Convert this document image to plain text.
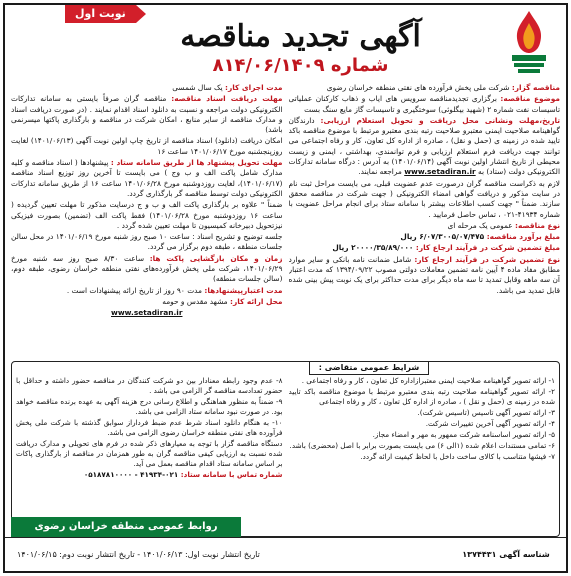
نوبت اول
آگهی تجدید مناقصه
شماره ۸۱۴/۰۶/۱۴۰۹

مناقصه گزار: شرکت ملی پخش فرآورده های نفتی منطقه خراسان رضوی

موضوع مناقصه: برگزاری تجدیدمناقصه سرویس های ایاب و ذهاب کارکنان عملیاتی تاسیسات نفت شماره ۲ (شهید بیگلوئی) سوختگیری و تاسیسات گاز مایع سنگ بست

تاریخ،مهلت ونشانی محل دریافت و تحویل استعلام ارزیابی: دارندگان گواهینامه صلاحیت ایمنی معتبرو صلاحیت رتبه بندی معتبرو مرتبط با موضوع مناقصه باکد تایید شده در زمینه ی (حمل و نقل) ، صادره از اداره کل تعاون، کار و رفاه اجتماعی می توانند جهت دریافت فرم استعلام ارزیابی و فرم توانمندی، بهداشتی ، ایمنی و زیست محیطی از تاریخ انتشار اولین نوبت آگهی (۱۴۰۱/۰۶/۱۴) به آدرس : درگاه سامانه تدارکات الکترونیکی دولت (ستاد) به www.setadiran.ir مراجعه نمایند.

لازم به ذکراست مناقصه گران درصورت عدم عضویت قبلی، می بایست مراحل ثبت نام در سایت مذکور و دریافت گواهی امضاء الکترونیکی ( جهت شرکت در مناقصه محقق سازند. ضمناً " جهت کسب اطلاعات بیشتر با سامانه ستاد برای انجام مراحل عضویت با شماره ۴۱۹۳۴-۰۲۱ ، تماس حاصل فرمایید .

نوع مناقصه: عمومی یک مرحله ای

مبلغ برآورد مناقصه: ۶/۰۷/۳۰۰۵/۰۷/۴۷۵ ریال

مبلغ تضمین شرکت در فرآیند ارجاع کار: ۲۰۰۰۰/۳۵/۸۹/۰۰۰ ریال

نوع تضمین شرکت در فرآیند ارجاع کار: شامل ضمانت نامه بانکی و سایر موارد مطابق مفاد ماده ۴ آیین نامه تضمین معاملات دولتی مصوب ۱۳۹۴/۰۹/۲۲ که مدت اعتبار آن سه ماهه وقابل تمدید تا سه ماه دیگر برای مدت حداکثر برای یک نوبت پیش بینی شده قابل تمدید می باشد.

مدت اجرای کار: یک سال شمسی

مهلت دریافت اسناد مناقصه: مناقصه گران صرفاً بایستی به سامانه تدارکات الکترونیکی دولت مراجعه و نسبت به دانلود اسناد اقدام نمایند . (در صورت دریافت اسناد و مدارک مناقصه از سایر منابع ، امکان شرکت در مناقصه و بارگذاری پاکتها میسرنمی باشد)

امکان دریافت (دانلود) اسناد مناقصه از تاریخ چاپ اولین نوبت آگهی (۱۴۰۱/۰۶/۱۳) لغایت روزپنجشنبه مورخ ۱۴۰۱/۰۶/۱۷ ساعت ۱۶

مهلت تحویل پیشنهاد ها از طریق سامانه ستاد : پیشنهادها ( اسناد مناقصه و کلیه مدارک شامل پاکت الف و ب وج ) می بایست تا آخرین روز توزیع اسناد مناقصه (۱۴۰۱/۰۶/۱۷)، لغایت روزدوشنبه مورخ ۱۴۰۱/۰۶/۲۸ ساعت ۱۶ از طریق سامانه تدارکات الکترونیکی دولت توسط مناقصه گر بارگذاری گردد.

ضمناً " علاوه بر بارگذاری پاکت الف و ب و ج درسایت مذکور تا مهلت تعیین گردیده ( ساعت ۱۶ روزدوشنبه مورخ ۱۴۰۱/۰۶/۲۸) فقط پاکت الف (تضمین) بصورت فیزیکی نیزتحویل دبیرخانه کمیسیون تا مهلت تعیین شده گردد .

جلسه توضیح و تشریح اسناد : ساعت ۱۰ صبح روز شنبه مورخ ۱۴۰۱/۰۶/۱۹ در محل سالن جلسات منطقه ، طبقه دوم برگزار می گردد.

زمان و مکان بازگشایی پاکت ها: ساعت ۸/۳۰ صبح روز سه شنبه مورخ ۱۴۰۱/۰۶/۲۹، شرکت ملی پخش فرآورده‌های نفتی منطقه خراسان رضوی، طبقه دوم، (سالن جلسات منطقه)

مدت اعتبارپیشنهادها: مدت ۹۰ روز از تاریخ ارائه پیشنهادات است .

محل ارائه کار: مشهد مقدس و حومه

www.setadiran.ir

شرایط عمومی متقاضی :

۱- ارائه تصویر گواهینامه صلاحیت ایمنی معتبرازاداره کل تعاون ، کار و رفاه اجتماعی .

۲- ارائه تصویر گواهینامه صلاحیت رتبه بندی معتبرو مرتبط با موضوع مناقصه باکد تایید شده در زمینه ی (حمل و نقل ) ، صادره از اداره کل تعاون ، کار و رفاه اجتماعی

۳- ارائه تصویر آگهی تاسیس (تاسیس شرکت).

۴- ارائه تصویر آگهی آخرین تغییرات شرکت.

۵- ارائه تصویر اساسنامه شرکت ممهور به مهر و امضاء مجاز.

۶- تمامی مستندات اعلام شده (۱الی ۶) می بایست بصورت برابر با اصل (محضری) باشد.

۷- فیشها متناسب با کالای ساخت داخل با لحاظ کیفیت ارائه گردد.

۸- عدم وجود رابطه معنادار بین دو شرکت کنندگان در مناقصه حضور داشته و حداقل با حضور تعدادسه مناقصه گر الزامی می باشد .

۹- ضمناً به منظور هماهنگی و اطلاع رسانی درج هزینه آگهی به عهده برنده مناقصه خواهد بود. در صورت نبود سامانه ستاد الزامی می باشد.

۱۰- به هنگام دانلود اسناد شرط عدم ضبط فرداراز سوابق گذشته با شرکت ملی پخش فرآورده های نفتی منطقه خراسان رضوی الزامی می باشد.

دستگاه مناقصه گزار با توجه به معیارهای ذکر شده در فرم های تحویلی و مدارک دریافت شده نسبت به ارزیابی کیفی مناقصه گران به طور همزمان در مناقصه از بارگذاری پاکات بر اساس سامانه ستاد اقدام مناقصه بعمل می آید.

شماره تماس با سامانه ستاد: ۰۲۱-۴۱۹۳۴ - ۰۵۱۸۷۸۱۰۰۰۰

روابط عمومی منطقه خراسان رضوی
شناسه آگهی ۱۳۷۴۴۳۱
تاریخ انتشار نوبت اول: ۱۴۰۱/۰۶/۱۳ - تاریخ انتشار نوبت دوم: ۱۴۰۱/۰۶/۱۵
